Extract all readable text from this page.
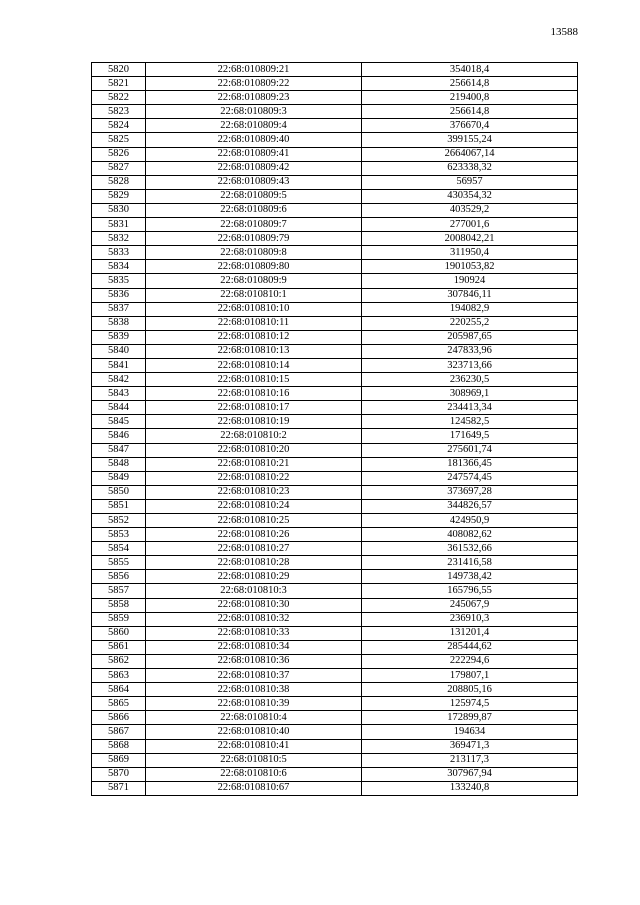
13588
5820	22:68:010809:21	354018,4
5821	22:68:010809:22	256614,8
5822	22:68:010809:23	219400,8
5823	22:68:010809:3	256614,8
5824	22:68:010809:4	376670,4
5825	22:68:010809:40	399155,24
5826	22:68:010809:41	2664067,14
5827	22:68:010809:42	623338,32
5828	22:68:010809:43	56957
5829	22:68:010809:5	430354,32
5830	22:68:010809:6	403529,2
5831	22:68:010809:7	277001,6
5832	22:68:010809:79	2008042,21
5833	22:68:010809:8	311950,4
5834	22:68:010809:80	1901053,82
5835	22:68:010809:9	190924
5836	22:68:010810:1	307846,11
5837	22:68:010810:10	194082,9
5838	22:68:010810:11	220255,2
5839	22:68:010810:12	205987,65
5840	22:68:010810:13	247833,96
5841	22:68:010810:14	323713,66
5842	22:68:010810:15	236230,5
5843	22:68:010810:16	308969,1
5844	22:68:010810:17	234413,34
5845	22:68:010810:19	124582,5
5846	22:68:010810:2	171649,5
5847	22:68:010810:20	275601,74
5848	22:68:010810:21	181366,45
5849	22:68:010810:22	247574,45
5850	22:68:010810:23	373697,28
5851	22:68:010810:24	344826,57
5852	22:68:010810:25	424950,9
5853	22:68:010810:26	408082,62
5854	22:68:010810:27	361532,66
5855	22:68:010810:28	231416,58
5856	22:68:010810:29	149738,42
5857	22:68:010810:3	165796,55
5858	22:68:010810:30	245067,9
5859	22:68:010810:32	236910,3
5860	22:68:010810:33	131201,4
5861	22:68:010810:34	285444,62
5862	22:68:010810:36	222294,6
5863	22:68:010810:37	179807,1
5864	22:68:010810:38	208805,16
5865	22:68:010810:39	125974,5
5866	22:68:010810:4	172899,87
5867	22:68:010810:40	194634
5868	22:68:010810:41	369471,3
5869	22:68:010810:5	213117,3
5870	22:68:010810:6	307967,94
5871	22:68:010810:67	133240,8
